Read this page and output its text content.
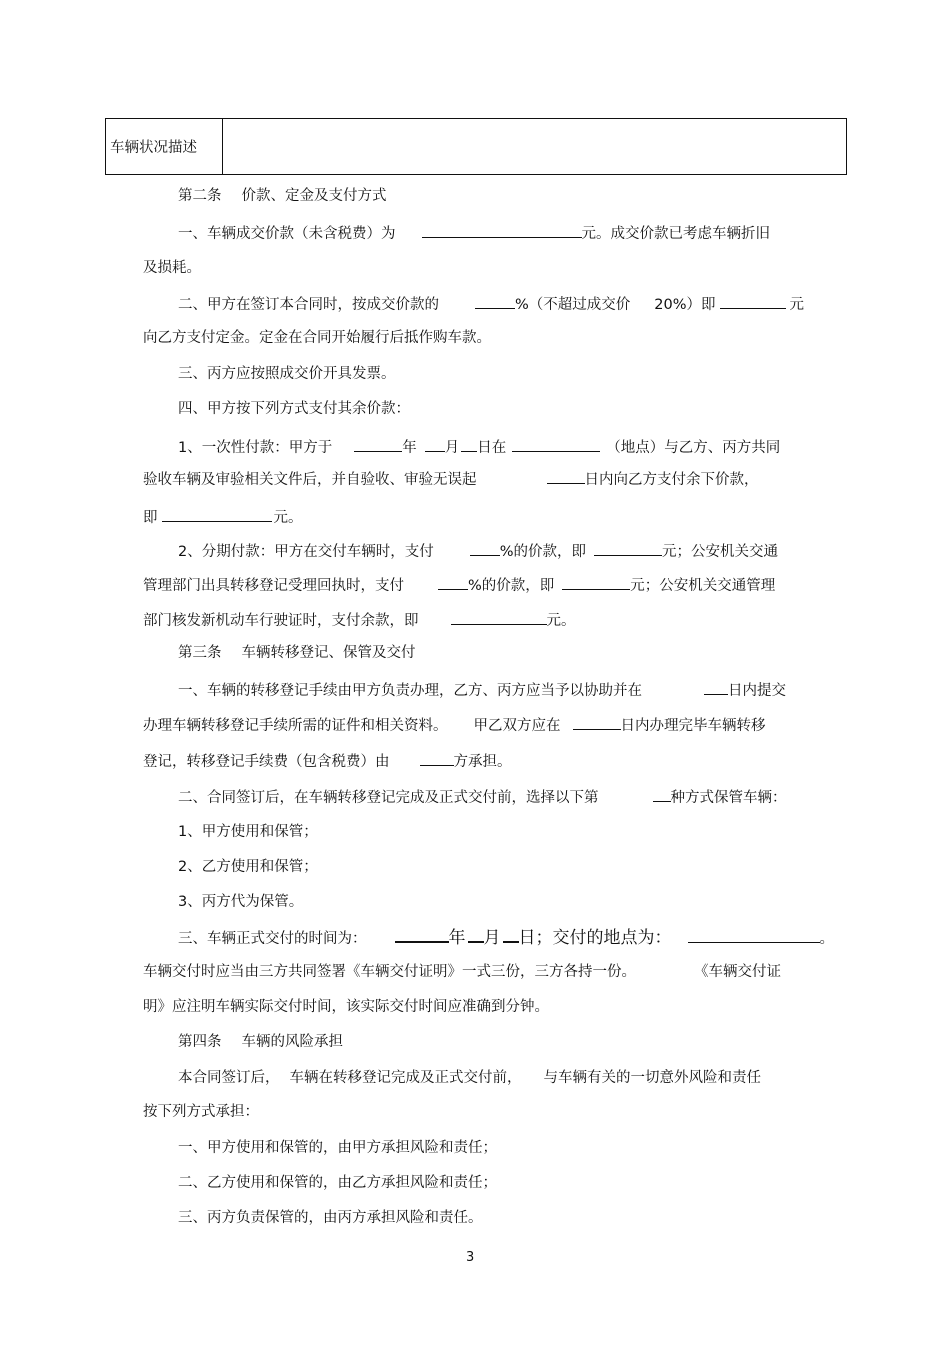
车辆状况描述	
第二条 价款、定金及支付方式
一、车辆成交价款（未含税费）为	元。成交价款已考虑车辆折旧
及损耗。
二、甲方在签订本合同时，按成交价款的	%（不超过成交价 20%）即	元
向乙方支付定金。定金在合同开始履行后抵作购车款。
三、丙方应按照成交价开具发票。
四、甲方按下列方式支付其余价款：
1、一次性付款：甲方于	年 月 日在	（地点）与乙方、丙方共同
验收车辆及审验相关文件后，并自验收、审验无误起	日内向乙方支付余下价款，
即	元。
2、分期付款：甲方在交付车辆时，支付	%的价款，即	元；公安机关交通
管理部门出具转移登记受理回执时，支付	%的价款，即	元；公安机关交通管理
部门核发新机动车行驶证时，支付余款，即	元。
第三条 车辆转移登记、保管及交付
一、车辆的转移登记手续由甲方负责办理，乙方、丙方应当予以协助并在	日内提交
办理车辆转移登记手续所需的证件和相关资料。 甲乙双方应在	日内办理完毕车辆转移
登记，转移登记手续费（包含税费）由	方承担。
二、合同签订后，在车辆转移登记完成及正式交付前，选择以下第	种方式保管车辆：
1、甲方使用和保管；
2、乙方使用和保管；
3、丙方代为保管。
三、车辆正式交付的时间为：	年 月 日；交付的地点为：	。
车辆交付时应当由三方共同签署《车辆交付证明》一式三份，三方各持一份。	《车辆交付证
明》应注明车辆实际交付时间，该实际交付时间应准确到分钟。
第四条 车辆的风险承担
本合同签订后， 车辆在转移登记完成及正式交付前， 与车辆有关的一切意外风险和责任
按下列方式承担：
一、甲方使用和保管的，由甲方承担风险和责任；
二、乙方使用和保管的，由乙方承担风险和责任；
三、丙方负责保管的，由丙方承担风险和责任。
3
